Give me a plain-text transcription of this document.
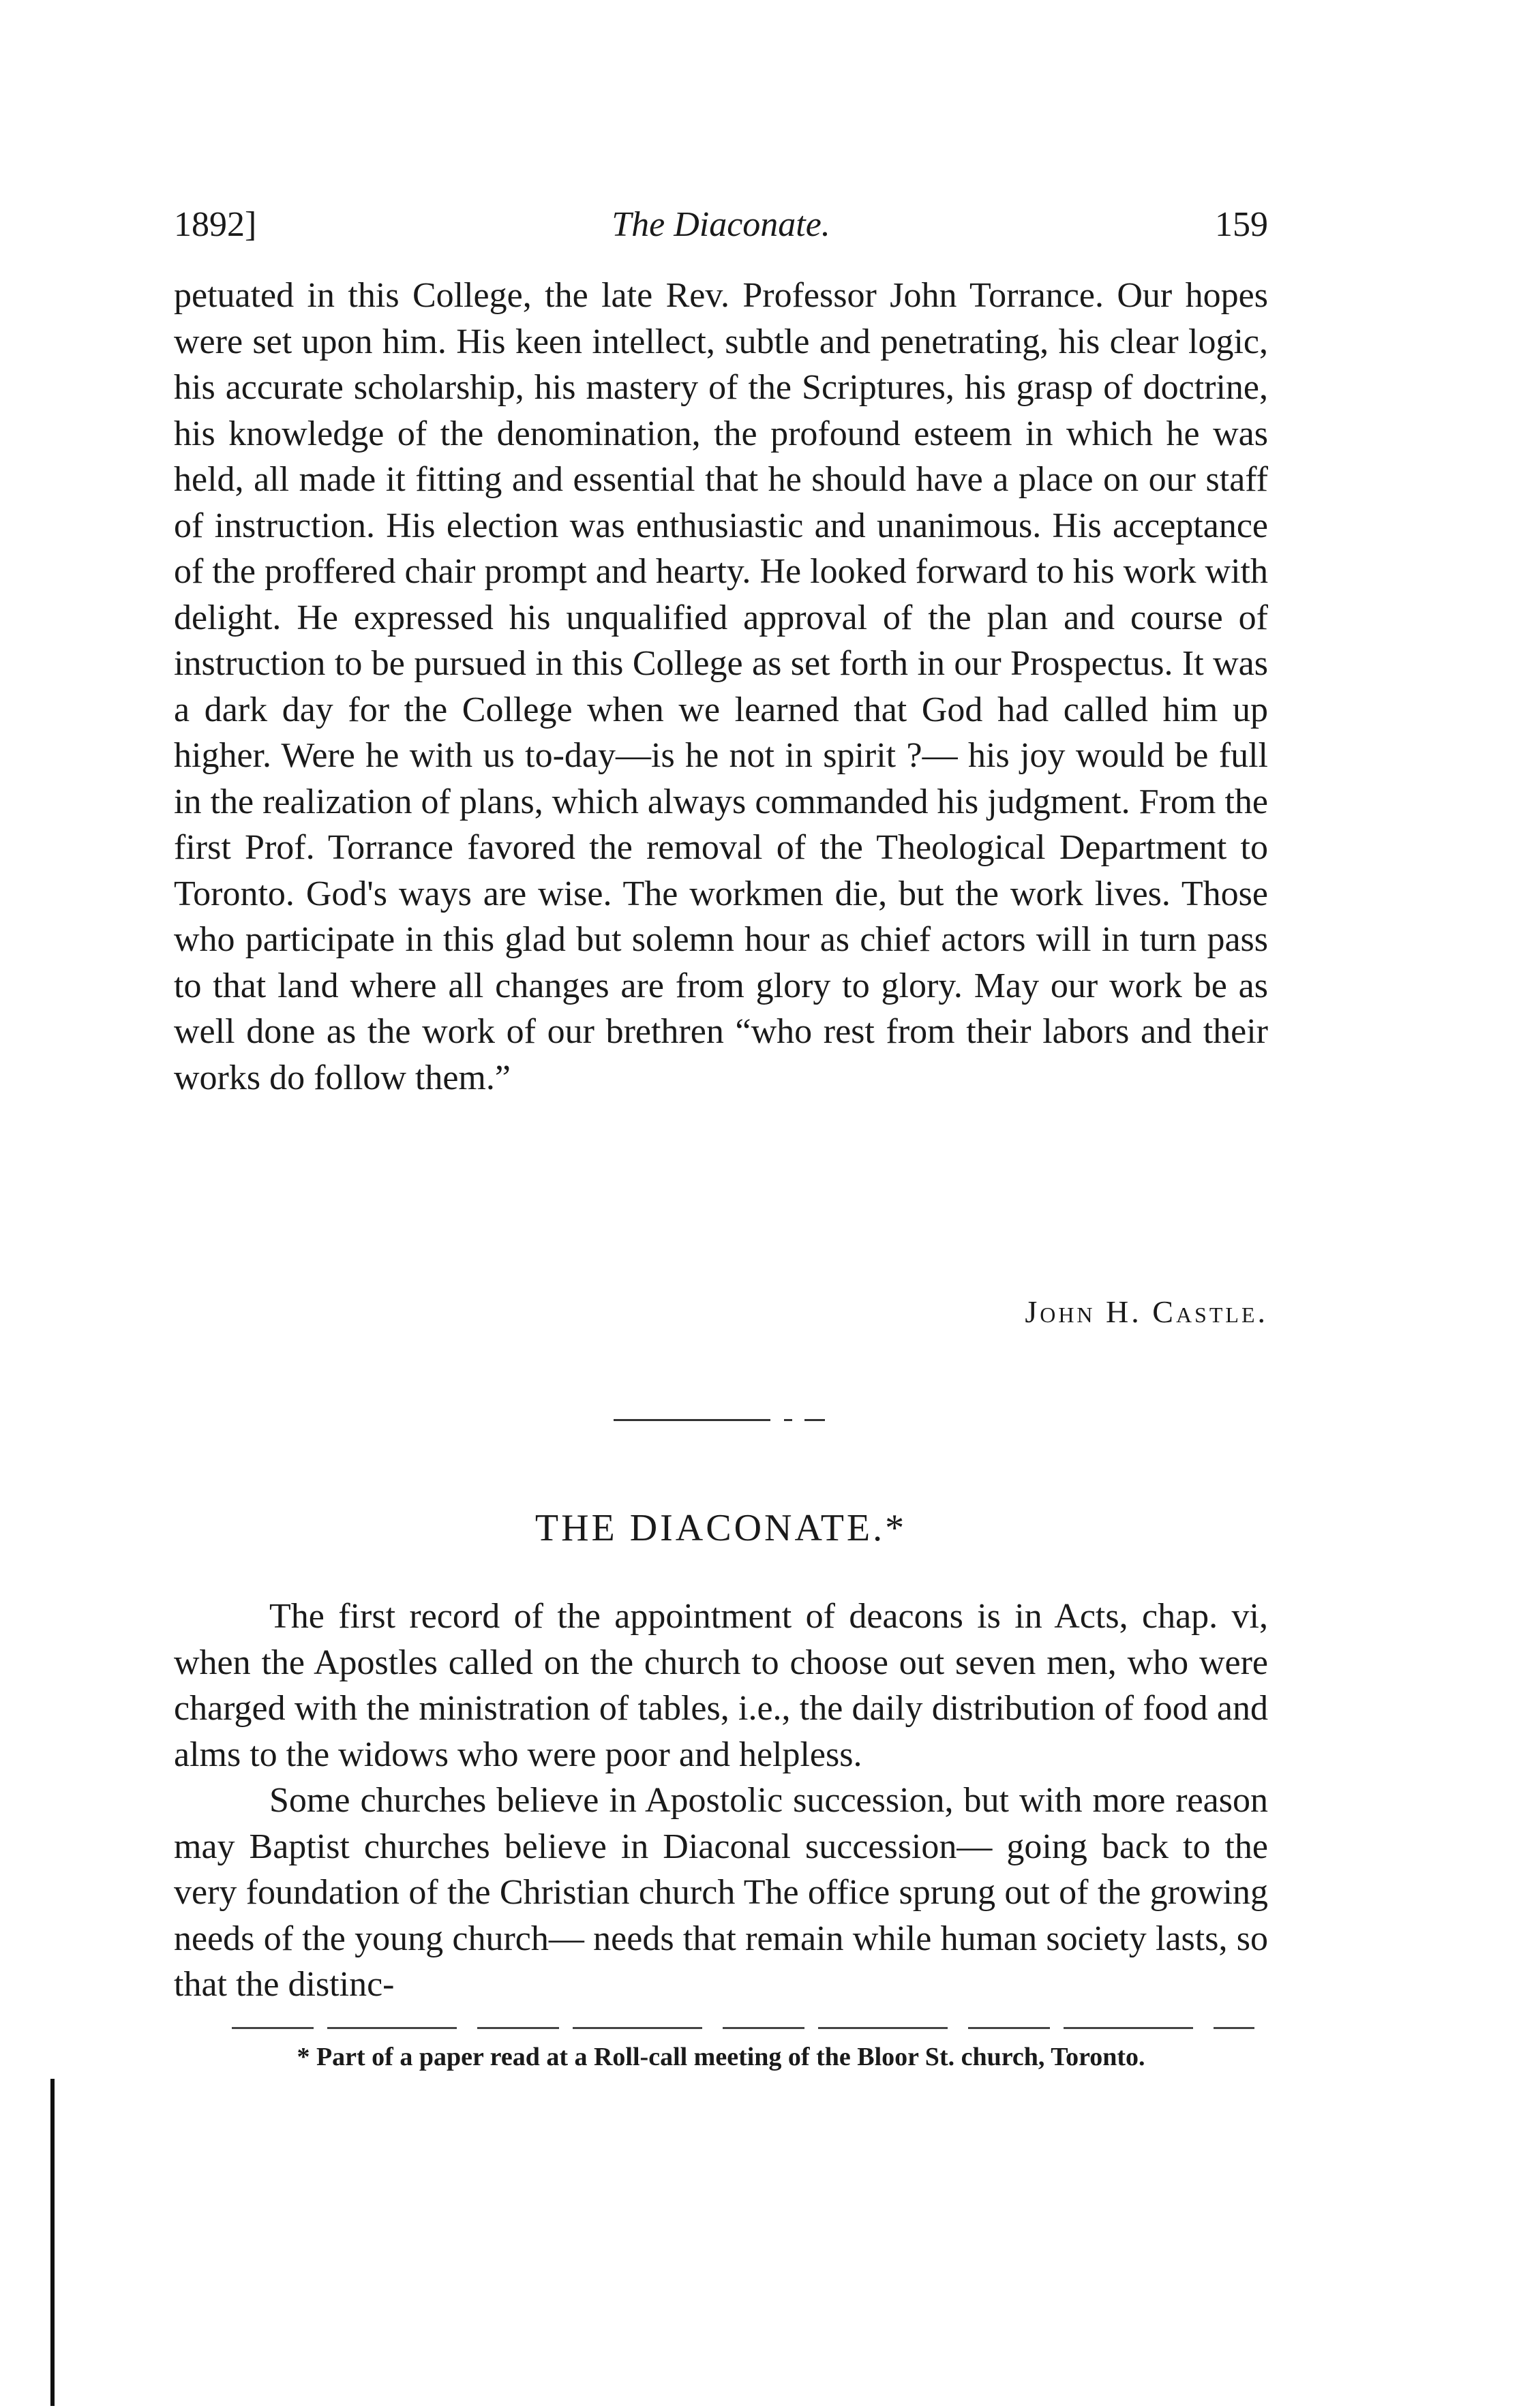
1892]	The Diaconate.	159

petuated in this College, the late Rev. Professor John Torrance. Our hopes were set upon him. His keen intellect, subtle and penetrating, his clear logic, his accurate scholarship, his mastery of the Scriptures, his grasp of doctrine, his knowledge of the denomination, the profound esteem in which he was held, all made it fitting and essential that he should have a place on our staff of instruction. His election was enthusiastic and unanimous. His acceptance of the proffered chair prompt and hearty. He looked forward to his work with delight. He expressed his unqualified approval of the plan and course of instruction to be pursued in this College as set forth in our Prospectus. It was a dark day for the College when we learned that God had called him up higher. Were he with us to-day—is he not in spirit ?— his joy would be full in the realization of plans, which always commanded his judgment. From the first Prof. Torrance favored the removal of the Theological Department to Toronto. God's ways are wise. The workmen die, but the work lives. Those who participate in this glad but solemn hour as chief actors will in turn pass to that land where all changes are from glory to glory. May our work be as well done as the work of our brethren “who rest from their labors and their works do follow them.”

John H. Castle.
THE DIACONATE.*

The first record of the appointment of deacons is in Acts, chap. vi, when the Apostles called on the church to choose out seven men, who were charged with the ministration of tables, i.e., the daily distribution of food and alms to the widows who were poor and helpless.

Some churches believe in Apostolic succession, but with more reason may Baptist churches believe in Diaconal succession— going back to the very foundation of the Christian church The office sprung out of the growing needs of the young church— needs that remain while human society lasts, so that the distinc-

* Part of a paper read at a Roll-call meeting of the Bloor St. church, Toronto.
